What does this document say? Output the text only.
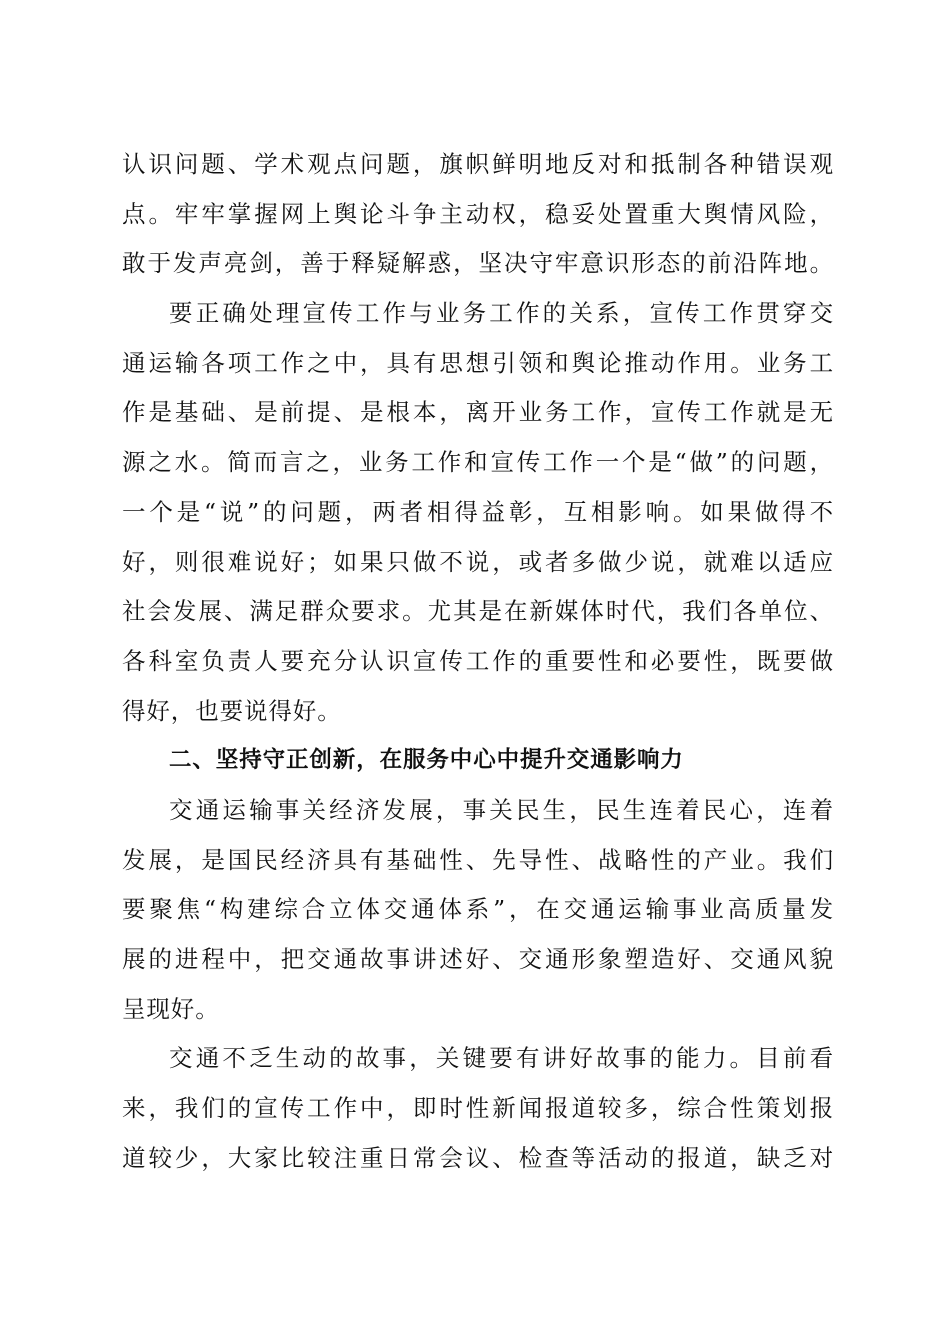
认识问题、学术观点问题，旗帜鲜明地反对和抵制各种错误观
点。牢牢掌握网上舆论斗争主动权，稳妥处置重大舆情风险，
敢于发声亮剑，善于释疑解惑，坚决守牢意识形态的前沿阵地。
要正确处理宣传工作与业务工作的关系，宣传工作贯穿交
通运输各项工作之中，具有思想引领和舆论推动作用。业务工
作是基础、是前提、是根本，离开业务工作，宣传工作就是无
源之水。简而言之，业务工作和宣传工作一个是“做”的问题，
一个是“说”的问题，两者相得益彰，互相影响。如果做得不
好，则很难说好；如果只做不说，或者多做少说，就难以适应
社会发展、满足群众要求。尤其是在新媒体时代，我们各单位、
各科室负责人要充分认识宣传工作的重要性和必要性，既要做
得好，也要说得好。
二、坚持守正创新，在服务中心中提升交通影响力
交通运输事关经济发展，事关民生，民生连着民心，连着
发展，是国民经济具有基础性、先导性、战略性的产业。我们
要聚焦“构建综合立体交通体系”，在交通运输事业高质量发
展的进程中，把交通故事讲述好、交通形象塑造好、交通风貌
呈现好。
交通不乏生动的故事，关键要有讲好故事的能力。目前看
来，我们的宣传工作中，即时性新闻报道较多，综合性策划报
道较少，大家比较注重日常会议、检查等活动的报道，缺乏对
